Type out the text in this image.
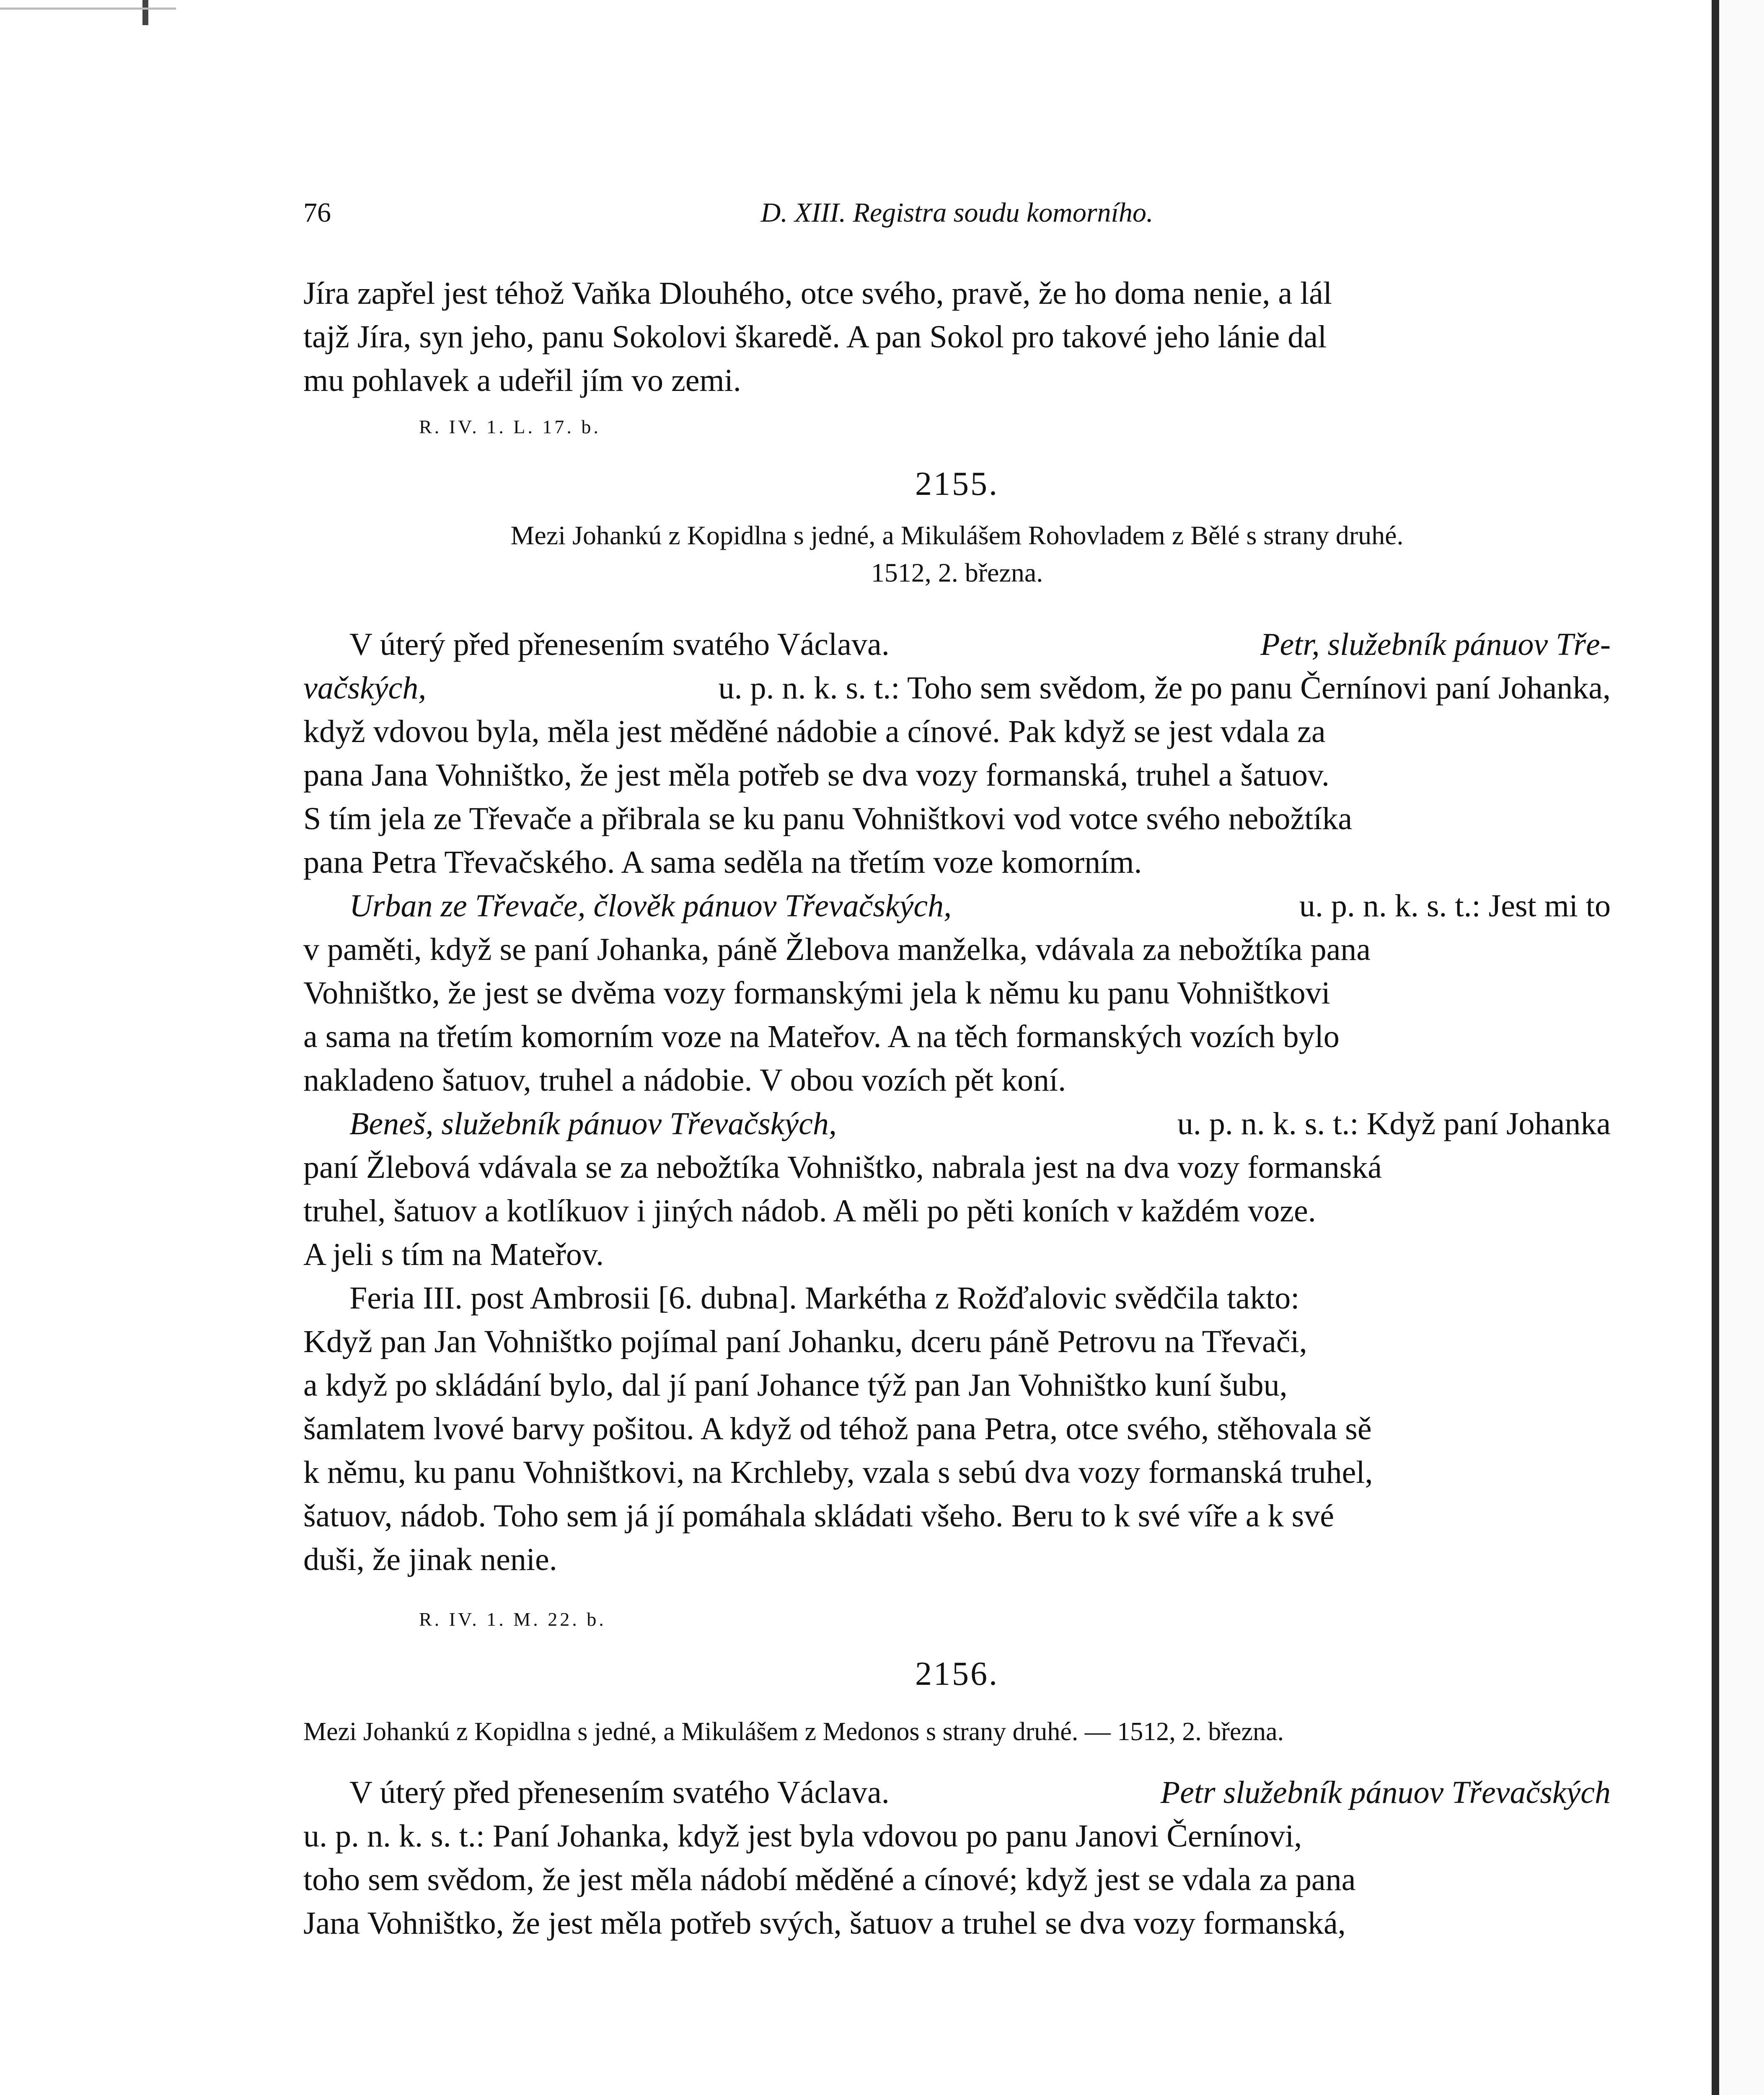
76	D. XIII. Registra soudu komorního.
Jíra zapřel jest téhož Vaňka Dlouhého, otce svého, pravě, že ho doma nenie, a lál
tajž Jíra, syn jeho, panu Sokolovi škaredě. A pan Sokol pro takové jeho lánie dal
mu pohlavek a udeřil jím vo zemi.
R. IV. 1. L. 17. b.
2155.
Mezi Johankú z Kopidlna s jedné, a Mikulášem Rohovladem z Bělé s strany druhé.
1512, 2. března.
V úterý před přenesením svatého Václava.	Petr, služebník pánuov Tře-
vačských,	u. p. n. k. s. t.: Toho sem svědom, že po panu Černínovi paní Johanka,
když vdovou byla, měla jest měděné nádobie a cínové. Pak když se jest vdala za
pana Jana Vohništko, že jest měla potřeb se dva vozy formanská, truhel a šatuov.
S tím jela ze Třevače a přibrala se ku panu Vohništkovi vod votce svého nebožtíka
pana Petra Třevačského. A sama seděla na třetím voze komorním.
Urban ze Třevače, člověk pánuov Třevačských,	u. p. n. k. s. t.: Jest mi to
v paměti, když se paní Johanka, páně Žlebova manželka, vdávala za nebožtíka pana
Vohništko, že jest se dvěma vozy formanskými jela k němu ku panu Vohništkovi
a sama na třetím komorním voze na Mateřov. A na těch formanských vozích bylo
nakladeno šatuov, truhel a nádobie. V obou vozích pět koní.
Beneš, služebník pánuov Třevačských,	u. p. n. k. s. t.: Když paní Johanka
paní Žlebová vdávala se za nebožtíka Vohništko, nabrala jest na dva vozy formanská
truhel, šatuov a kotlíkuov i jiných nádob. A měli po pěti koních v každém voze.
A jeli s tím na Mateřov.
Feria III. post Ambrosii [6. dubna]. Markétha z Rožďalovic svědčila takto:
Když pan Jan Vohništko pojímal paní Johanku, dceru páně Petrovu na Třevači,
a když po skládání bylo, dal jí paní Johance týž pan Jan Vohništko kuní šubu,
šamlatem lvové barvy pošitou. A když od téhož pana Petra, otce svého, stěhovala sě
k němu, ku panu Vohništkovi, na Krchleby, vzala s sebú dva vozy formanská truhel,
šatuov, nádob. Toho sem já jí pomáhala skládati všeho. Beru to k své víře a k své
duši, že jinak nenie.
R. IV. 1. M. 22. b.
2156.
Mezi Johankú z Kopidlna s jedné, a Mikulášem z Medonos s strany druhé. — 1512, 2. března.
V úterý před přenesením svatého Václava.	Petr služebník pánuov Třevačských
u. p. n. k. s. t.: Paní Johanka, když jest byla vdovou po panu Janovi Černínovi,
toho sem svědom, že jest měla nádobí měděné a cínové; když jest se vdala za pana
Jana Vohništko, že jest měla potřeb svých, šatuov a truhel se dva vozy formanská,
